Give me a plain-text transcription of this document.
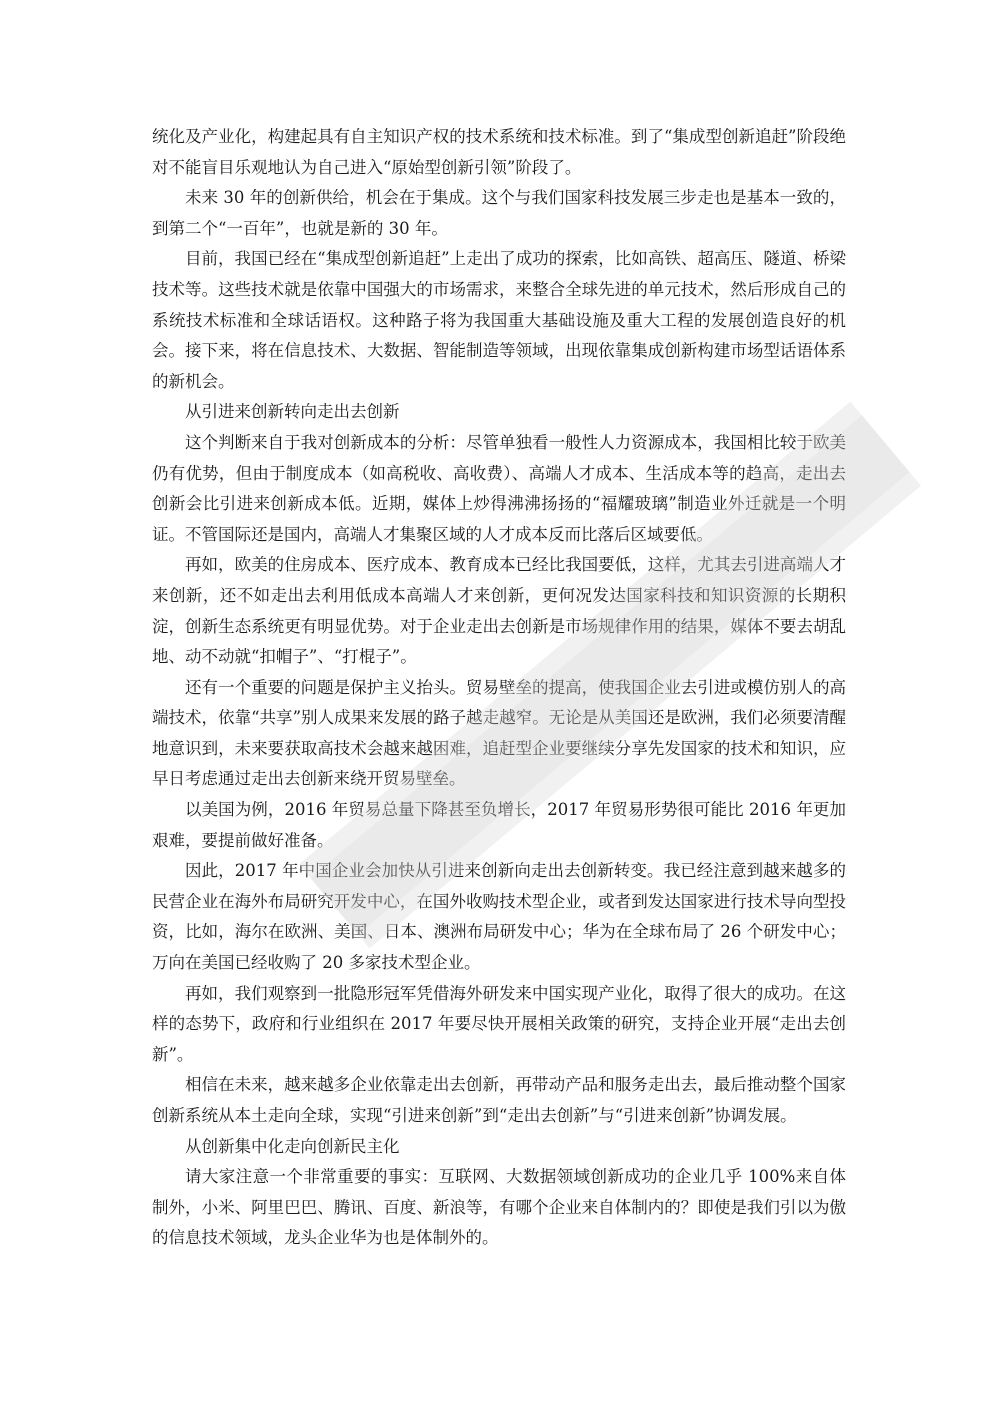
统化及产业化，构建起具有自主知识产权的技术系统和技术标准。到了“集成型创新追赶”阶段绝对不能盲目乐观地认为自己进入“原始型创新引领”阶段了。

未来 30 年的创新供给，机会在于集成。这个与我们国家科技发展三步走也是基本一致的，到第二个“一百年”，也就是新的 30 年。

目前，我国已经在“集成型创新追赶”上走出了成功的探索，比如高铁、超高压、隧道、桥梁技术等。这些技术就是依靠中国强大的市场需求，来整合全球先进的单元技术，然后形成自己的系统技术标准和全球话语权。这种路子将为我国重大基础设施及重大工程的发展创造良好的机会。接下来，将在信息技术、大数据、智能制造等领域，出现依靠集成创新构建市场型话语体系的新机会。

从引进来创新转向走出去创新

这个判断来自于我对创新成本的分析：尽管单独看一般性人力资源成本，我国相比较于欧美仍有优势，但由于制度成本（如高税收、高收费）、高端人才成本、生活成本等的趋高，走出去创新会比引进来创新成本低。近期，媒体上炒得沸沸扬扬的“福耀玻璃”制造业外迁就是一个明证。不管国际还是国内，高端人才集聚区域的人才成本反而比落后区域要低。

再如，欧美的住房成本、医疗成本、教育成本已经比我国要低，这样，尤其去引进高端人才来创新，还不如走出去利用低成本高端人才来创新，更何况发达国家科技和知识资源的长期积淀，创新生态系统更有明显优势。对于企业走出去创新是市场规律作用的结果，媒体不要去胡乱地、动不动就“扣帽子”、“打棍子”。

还有一个重要的问题是保护主义抬头。贸易壁垒的提高，使我国企业去引进或模仿别人的高端技术，依靠“共享”别人成果来发展的路子越走越窄。无论是从美国还是欧洲，我们必须要清醒地意识到，未来要获取高技术会越来越困难，追赶型企业要继续分享先发国家的技术和知识，应早日考虑通过走出去创新来绕开贸易壁垒。

以美国为例，2016 年贸易总量下降甚至负增长，2017 年贸易形势很可能比 2016 年更加艰难，要提前做好准备。

因此，2017 年中国企业会加快从引进来创新向走出去创新转变。我已经注意到越来越多的民营企业在海外布局研究开发中心，在国外收购技术型企业，或者到发达国家进行技术导向型投资，比如，海尔在欧洲、美国、日本、澳洲布局研发中心；华为在全球布局了 26 个研发中心；万向在美国已经收购了 20 多家技术型企业。

再如，我们观察到一批隐形冠军凭借海外研发来中国实现产业化，取得了很大的成功。在这样的态势下，政府和行业组织在 2017 年要尽快开展相关政策的研究，支持企业开展“走出去创新”。

相信在未来，越来越多企业依靠走出去创新，再带动产品和服务走出去，最后推动整个国家创新系统从本土走向全球，实现“引进来创新”到“走出去创新”与“引进来创新”协调发展。

从创新集中化走向创新民主化

请大家注意一个非常重要的事实：互联网、大数据领域创新成功的企业几乎 100%来自体制外，小米、阿里巴巴、腾讯、百度、新浪等，有哪个企业来自体制内的？即使是我们引以为傲的信息技术领域，龙头企业华为也是体制外的。
